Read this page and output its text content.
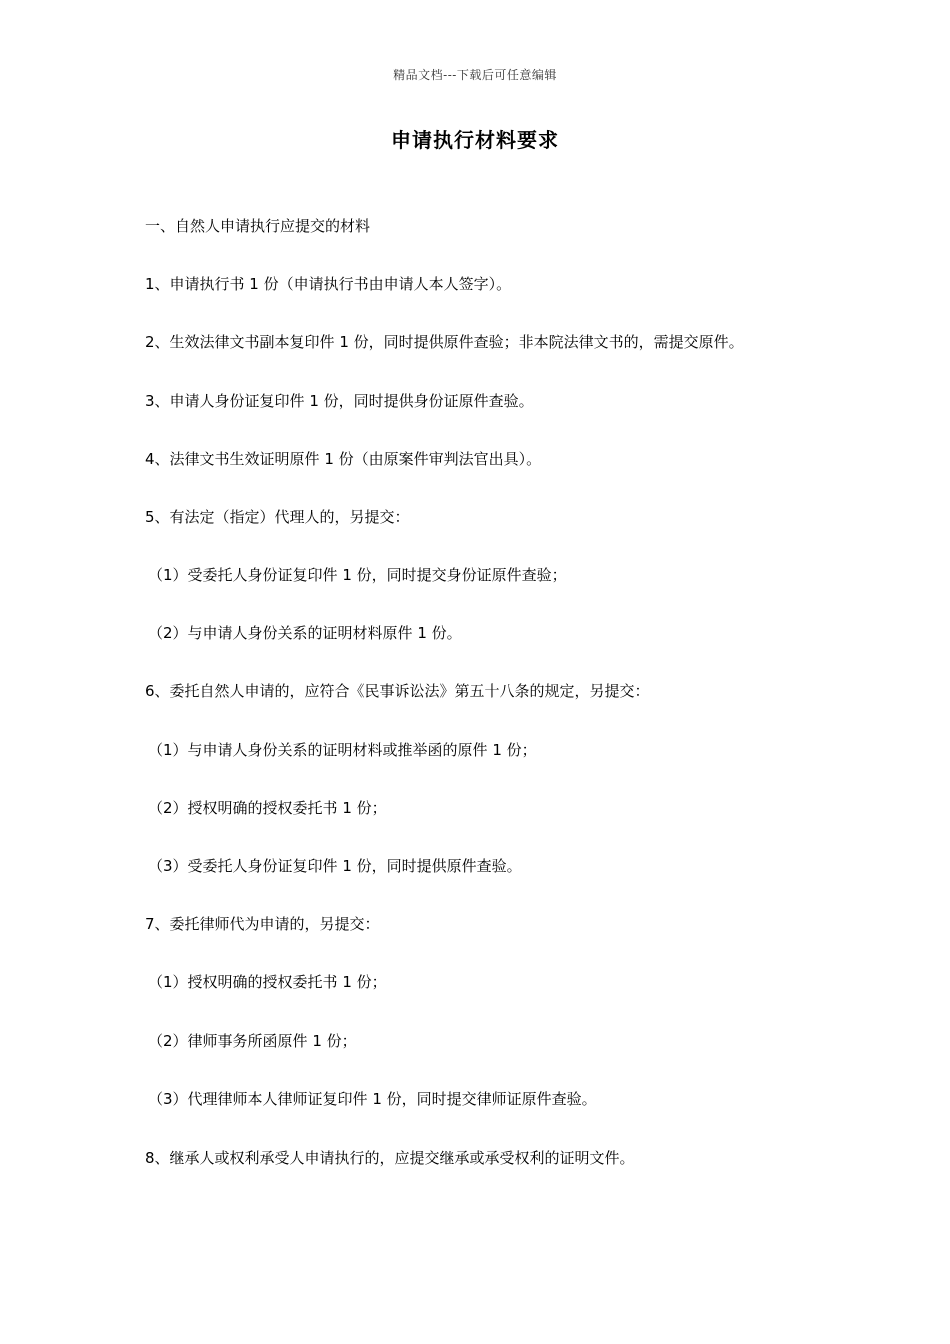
精品文档---下载后可任意编辑
申请执行材料要求
一、自然人申请执行应提交的材料
1、申请执行书 1 份（申请执行书由申请人本人签字）。
2、生效法律文书副本复印件 1 份，同时提供原件查验；非本院法律文书的，需提交原件。
3、申请人身份证复印件 1 份，同时提供身份证原件查验。
4、法律文书生效证明原件 1 份（由原案件审判法官出具）。
5、有法定（指定）代理人的，另提交：
（1）受委托人身份证复印件 1 份，同时提交身份证原件查验；
（2）与申请人身份关系的证明材料原件 1 份。
6、委托自然人申请的，应符合《民事诉讼法》第五十八条的规定，另提交：
（1）与申请人身份关系的证明材料或推举函的原件 1 份；
（2）授权明确的授权委托书 1 份；
（3）受委托人身份证复印件 1 份，同时提供原件查验。
7、委托律师代为申请的，另提交：
（1）授权明确的授权委托书 1 份；
（2）律师事务所函原件 1 份；
（3）代理律师本人律师证复印件 1 份，同时提交律师证原件查验。
8、继承人或权利承受人申请执行的，应提交继承或承受权利的证明文件。
